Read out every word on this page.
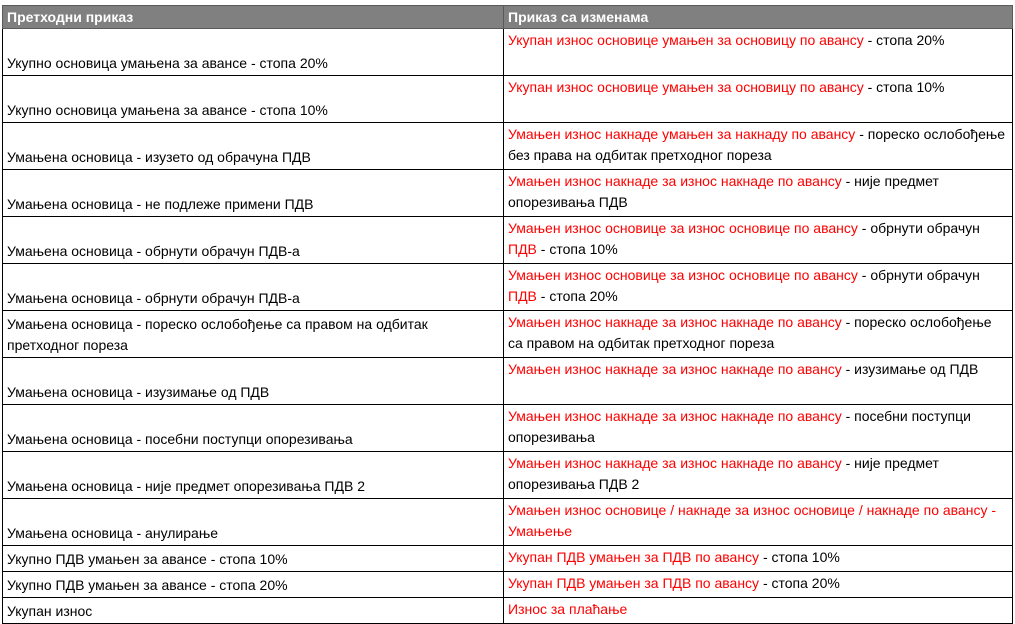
Претходни приказ	Приказ са изменама
Укупно основица умањена за авансе - стопа 20%	Укупан износ основице умањен за основицу по авансу - стопа 20%
Укупно основица умањена за авансе - стопа 10%	Укупан износ основице умањен за основицу по авансу - стопа 10%
Умањена основица - изузето од обрачуна ПДВ	Умањен износ накнаде умањен за накнаду по авансу - пореско ослобођење без права на одбитак претходног пореза
Умањена основица - не подлеже примени ПДВ	Умањен износ накнаде за износ накнаде по авансу - није предмет опорезивања ПДВ
Умањена основица - обрнути обрачун ПДВ-а	Умањен износ основице за износ основице по авансу - обрнути обрачун ПДВ - стопа 10%
Умањена основица - обрнути обрачун ПДВ-а	Умањен износ основице за износ основице по авансу - обрнути обрачун ПДВ - стопа 20%
Умањена основица - пореско ослобођење са правом на одбитак претходног пореза	Умањен износ накнаде за износ накнаде по авансу - пореско ослобођење са правом на одбитак претходног пореза
Умањена основица - изузимање од ПДВ	Умањен износ накнаде за износ накнаде по авансу - изузимање од ПДВ
Умањена основица - посебни поступци опорезивања	Умањен износ накнаде за износ накнаде по авансу - посебни поступци опорезивања
Умањена основица - није предмет опорезивања ПДВ 2	Умањен износ накнаде за износ накнаде по авансу - није предмет опорезивања ПДВ 2
Умањена основица - анулирање	Умањен износ основице / накнаде за износ основице / накнаде по авансу - Умањење
Укупно ПДВ умањен за авансе - стопа 10%	Укупан ПДВ умањен за ПДВ по авансу - стопа 10%
Укупно ПДВ умањен за авансе - стопа 20%	Укупан ПДВ умањен за ПДВ по авансу - стопа 20%
Укупан износ	Износ за плаћање
